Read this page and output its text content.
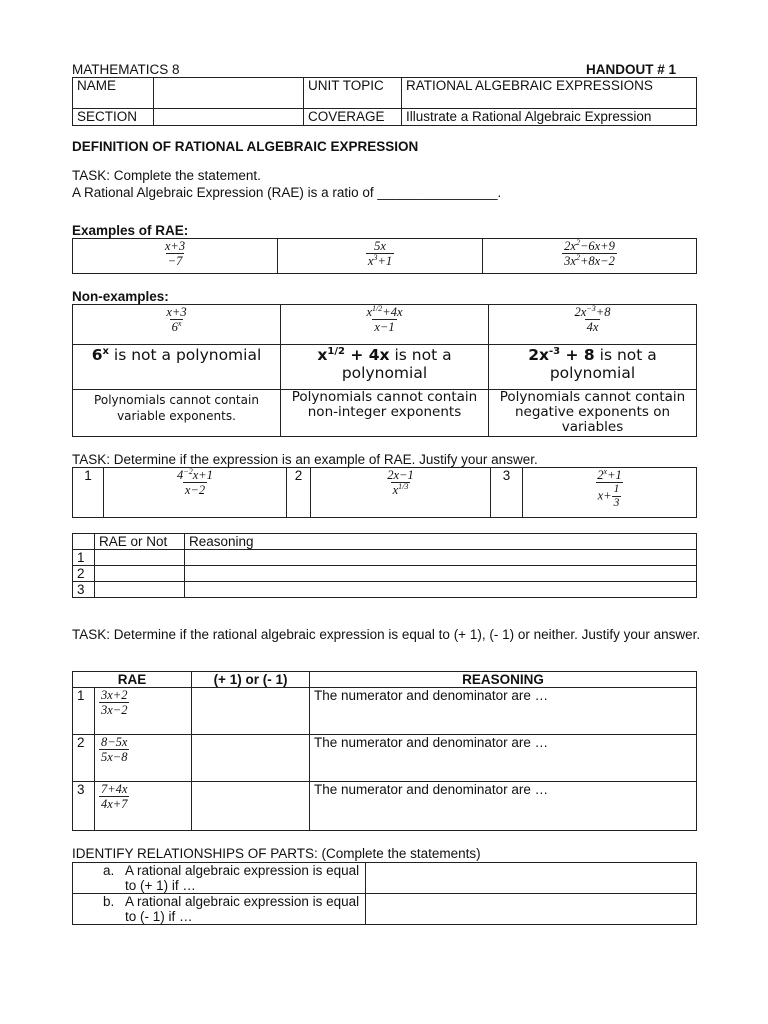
MATHEMATICS 8	HANDOUT # 1
NAME		UNIT TOPIC	RATIONAL ALGEBRAIC EXPRESSIONS
SECTION		COVERAGE	Illustrate a Rational Algebraic Expression
DEFINITION OF RATIONAL ALGEBRAIC EXPRESSION
TASK: Complete the statement.
A Rational Algebraic Expression (RAE) is a ratio of ________________.
Examples of RAE:
$\frac{x+3}{-7}$	$\frac{5x}{x^3+1}$	$\frac{2x^2-6x+9}{3x^2+8x-2}$
Non-examples:
$\frac{x+3}{6^x}$	$\frac{x^{1/2}+4x}{x-1}$	$\frac{2x^{-3}+8}{4x}$

6$^x$ is not a polynomial	$x^{1/2} + 4x$ is not a polynomial	$2x^{-3} + 8$ is not a polynomial
Polynomials cannot contain variable exponents.	Polynomials cannot contain non-integer exponents	Polynomials cannot contain negative exponents on variables
TASK: Determine if the expression is an example of RAE. Justify your answer.
1	$\frac{4^{-2}x+1}{x-2}$	2	$\frac{2x-1}{x^{1/3}}$	3	$\frac{2^x+1}{x+ \frac{1}{3}}$
	RAE or Not	Reasoning
1		
2		
3		
TASK: Determine if the rational algebraic expression is equal to (+ 1), (- 1) or neither. Justify your answer.
RAE		(+ 1) or (- 1)	REASONING
1	$\frac{3x+2}{3x-2}$		The numerator and denominator are …
2	$\frac{8-5x}{5x-8}$		The numerator and denominator are …
3	$\frac{7+4x}{4x+7}$		The numerator and denominator are …
IDENTIFY RELATIONSHIPS OF PARTS: (Complete the statements)
a. A rational algebraic expression is equal to (+ 1) if …	

b. A rational algebraic expression is equal to (- 1) if …	
